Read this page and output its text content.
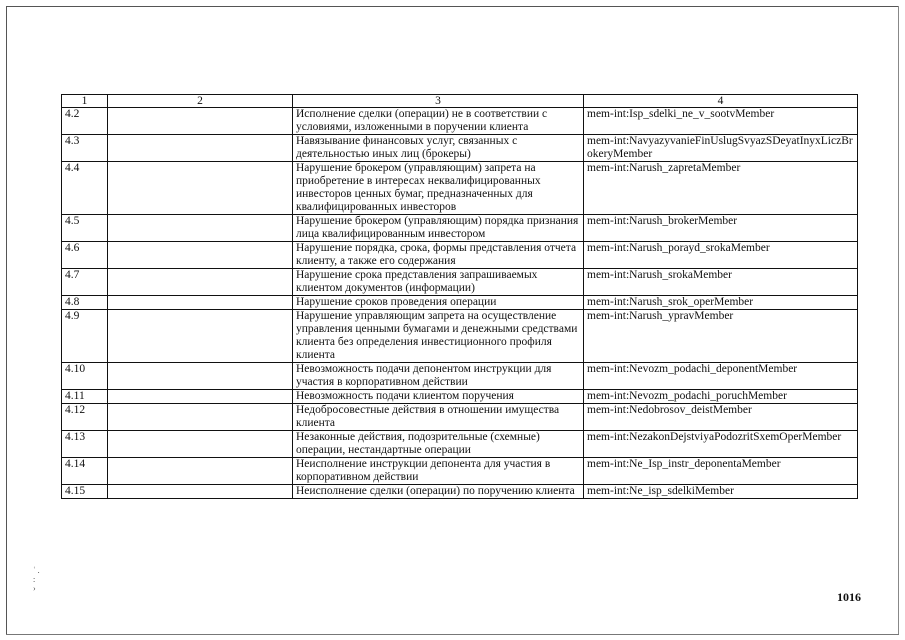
1	2	3	4
4.2		Исполнение сделки (операции) не в соответствии с условиями, изложенными в поручении клиента	mem-int:Isp_sdelki_ne_v_sootvMember
4.3		Навязывание финансовых услуг, связанных с деятельностью иных лиц (брокеры)	mem-int:NavyazyvanieFinUslugSvyazSDeyatInyxLiczBrokeryMember
4.4		Нарушение брокером (управляющим) запрета на приобретение в интересах неквалифицированных инвесторов ценных бумаг, предназначенных для квалифицированных инвесторов	mem-int:Narush_zapretaMember
4.5		Нарушение брокером (управляющим) порядка признания лица квалифицированным инвестором	mem-int:Narush_brokerMember
4.6		Нарушение порядка, срока, формы представления отчета клиенту, а также его содержания	mem-int:Narush_porayd_srokaMember
4.7		Нарушение срока представления запрашиваемых клиентом документов (информации)	mem-int:Narush_srokaMember
4.8		Нарушение сроков проведения операции	mem-int:Narush_srok_operMember
4.9		Нарушение управляющим запрета на осуществление управления ценными бумагами и денежными средствами клиента без определения инвестиционного профиля клиента	mem-int:Narush_ypravMember
4.10		Невозможность подачи депонентом инструкции для участия в корпоративном действии	mem-int:Nevozm_podachi_deponentMember
4.11		Невозможность подачи клиентом поручения	mem-int:Nevozm_podachi_poruchMember
4.12		Недобросовестные действия в отношении имущества клиента	mem-int:Nedobrosov_deistMember
4.13		Незаконные действия, подозрительные (схемные) операции, нестандартные операции	mem-int:NezakonDejstviyaPodozritSxemOperMember
4.14		Неисполнение инструкции депонента для участия в корпоративном действии	mem-int:Ne_Isp_instr_deponentaMember
4.15		Неисполнение сделки (операции) по поручению клиента	mem-int:Ne_isp_sdelkiMember
ʿ .
:
›
1016
